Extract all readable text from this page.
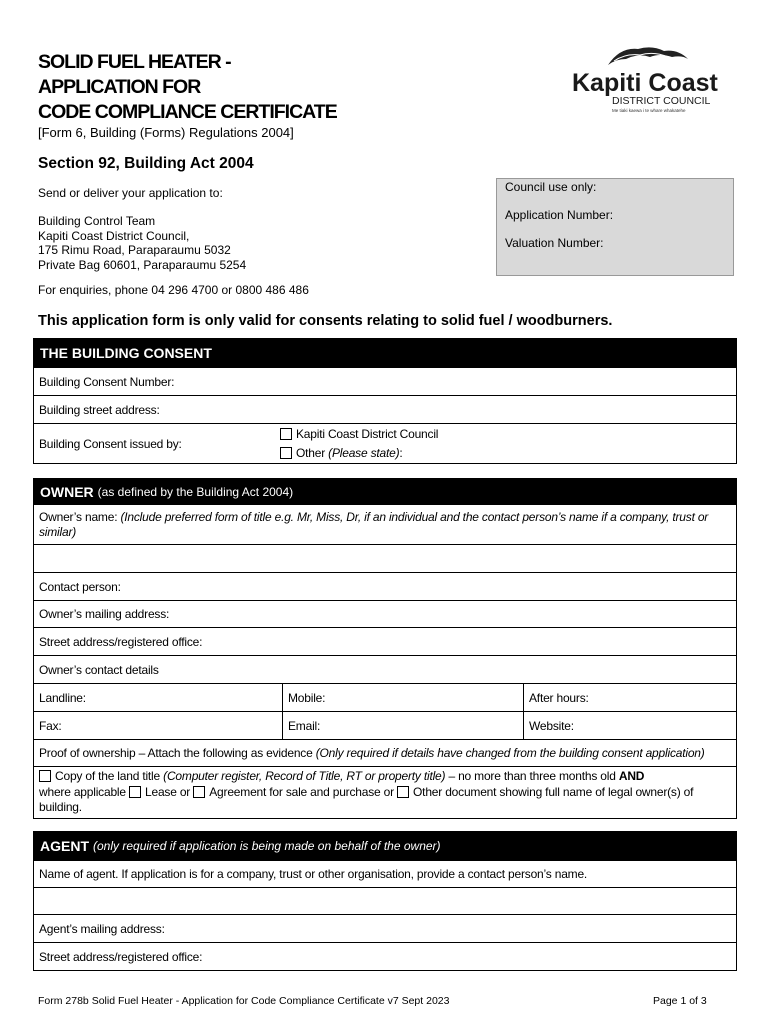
SOLID FUEL HEATER -
APPLICATION FOR
CODE COMPLIANCE CERTIFICATE
[Form 6, Building (Forms) Regulations 2004]
Section 92, Building Act 2004
Kapiti Coast
DISTRICT COUNCIL
Me tiaki kaewa i te whare whakatehe
Send or deliver your application to:
Building Control Team
Kapiti Coast District Council,
175 Rimu Road, Paraparaumu 5032
Private Bag 60601, Paraparaumu 5254
For enquiries, phone 04 296 4700 or 0800 486 486
Council use only:
Application Number:
Valuation Number:
This application form is only valid for consents relating to solid fuel / woodburners.
THE BUILDING CONSENT
Building Consent Number:
Building street address:
Building Consent issued by:
Kapiti Coast District Council
Other (Please state):
OWNER (as defined by the Building Act 2004)
Owner’s name: (Include preferred form of title e.g. Mr, Miss, Dr, if an individual and the contact person’s name if a company, trust or similar)
Contact person:
Owner’s mailing address:
Street address/registered office:
Owner’s contact details
Landline:	Mobile:	After hours:
Fax:	Email:	Website:
Proof of ownership – Attach the following as evidence (Only required if details have changed from the building consent application)
Copy of the land title (Computer register, Record of Title, RT or property title) – no more than three months old AND
where applicable Lease or Agreement for sale and purchase or Other document showing full name of legal owner(s) of
building.
AGENT (only required if application is being made on behalf of the owner)
Name of agent. If application is for a company, trust or other organisation, provide a contact person’s name.
Agent’s mailing address:
Street address/registered office:
Form 278b Solid Fuel Heater - Application for Code Compliance Certificate v7 Sept 2023	Page 1 of 3
